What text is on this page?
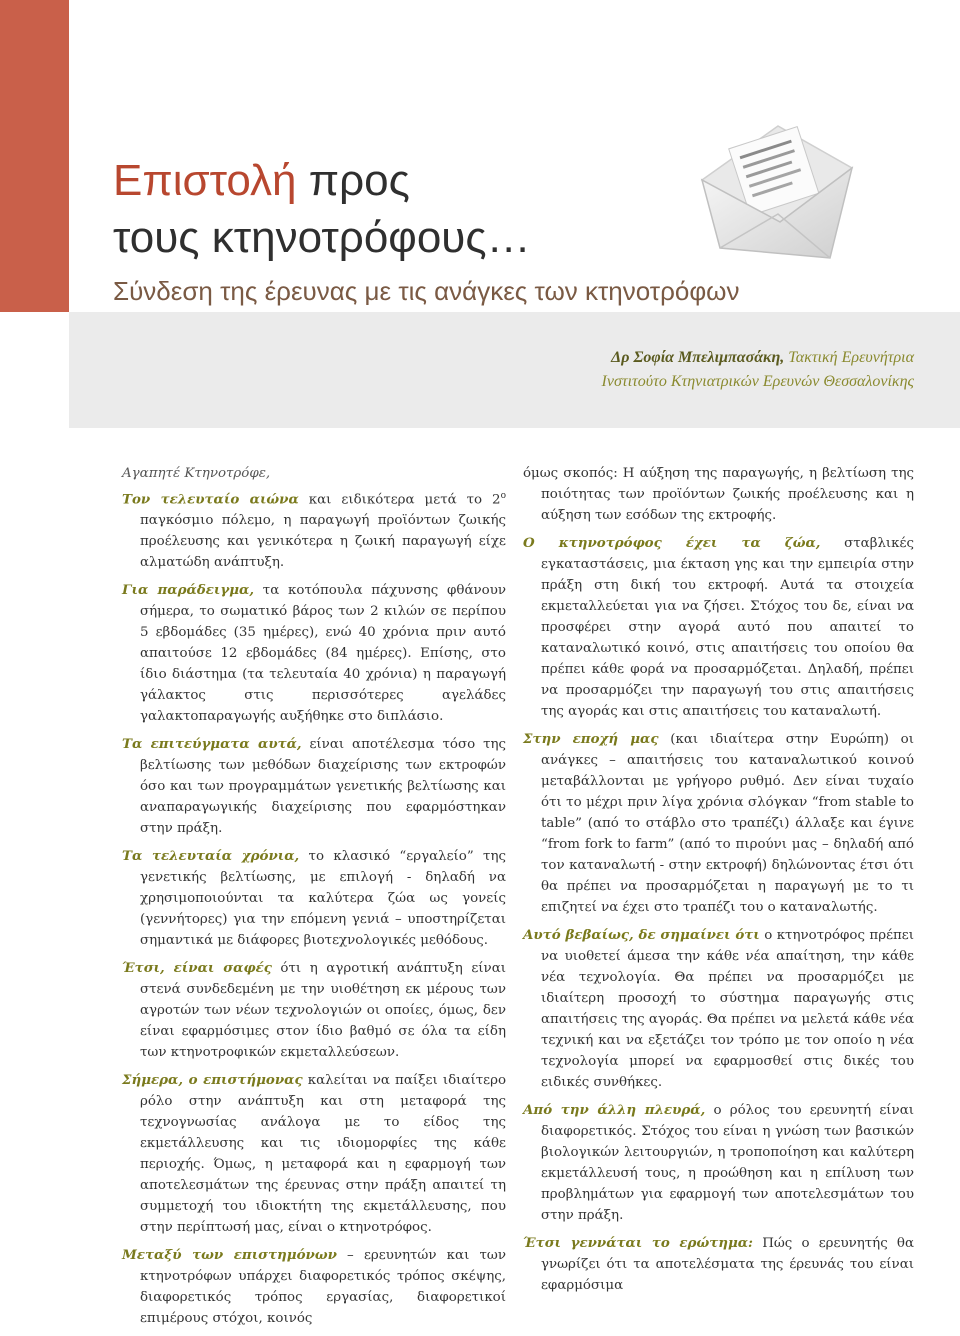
Επιστολή προς
τους κτηνοτρόφους…
Σύνδεση της έρευνας με τις ανάγκες των κτηνοτρόφων
Δρ Σοφία Μπελιμπασάκη, Τακτική Ερευνήτρια
Ινστιτούτο Κτηνιατρικών Ερευνών Θεσσαλονίκης

Αγαπητέ Κτηνοτρόφε,

Τον τελευταίο αιώνα και ειδικότερα μετά το $2^o$ παγκόσμιο πόλεμο, η παραγωγή προϊόντων ζωικής προέλευσης και γενικότερα η ζωική παραγωγή είχε αλματώδη ανάπτυξη.

Για παράδειγμα, τα κοτόπουλα πάχυνσης φθάνουν σήμερα, το σωματικό βάρος των 2 κιλών σε περίπου 5 εβδομάδες (35 ημέρες), ενώ 40 χρόνια πριν αυτό απαιτούσε 12 εβδομάδες (84 ημέρες). Επίσης, στο ίδιο διάστημα (τα τελευταία 40 χρόνια) η παραγωγή γάλακτος στις περισσότερες αγελάδες γαλακτοπαραγωγής αυξήθηκε στο διπλάσιο.

Τα επιτεύγματα αυτά, είναι αποτέλεσμα τόσο της βελτίωσης των μεθόδων διαχείρισης των εκτροφών όσο και των προγραμμάτων γενετικής βελτίωσης και αναπαραγωγικής διαχείρισης που εφαρμόστηκαν στην πράξη.

Τα τελευταία χρόνια, το κλασικό “εργαλείο” της γενετικής βελτίωσης, με επιλογή - δηλαδή να χρησιμοποιούνται τα καλύτερα ζώα ως γονείς (γεννήτορες) για την επόμενη γενιά – υποστηρίζεται σημαντικά με διάφορες βιοτεχνολογικές μεθόδους.

Έτσι, είναι σαφές ότι η αγροτική ανάπτυξη είναι στενά συνδεδεμένη με την υιοθέτηση εκ μέρους των αγροτών των νέων τεχνολογιών οι οποίες, όμως, δεν είναι εφαρμόσιμες στον ίδιο βαθμό σε όλα τα είδη των κτηνοτροφικών εκμεταλλεύσεων.

Σήμερα, ο επιστήμονας καλείται να παίξει ιδιαίτερο ρόλο στην ανάπτυξη και στη μεταφορά της τεχνογνωσίας ανάλογα με το είδος της εκμετάλλευσης και τις ιδιομορφίες της κάθε περιοχής. Όμως, η μεταφορά και η εφαρμογή των αποτελεσμάτων της έρευνας στην πράξη απαιτεί τη συμμετοχή του ιδιοκτήτη της εκμετάλλευσης, που στην περίπτωσή μας, είναι ο κτηνοτρόφος.

Μεταξύ των επιστημόνων – ερευνητών και των κτηνοτρόφων υπάρχει διαφορετικός τρόπος σκέψης, διαφορετικός τρόπος εργασίας, διαφορετικοί επιμέρους στόχοι, κοινός

όμως σκοπός: Η αύξηση της παραγωγής, η βελτίωση της ποιότητας των προϊόντων ζωικής προέλευσης και η αύξηση των εσόδων της εκτροφής.

Ο κτηνοτρόφος έχει τα ζώα, σταβλικές εγκαταστάσεις, μια έκταση γης και την εμπειρία στην πράξη στη δική του εκτροφή. Αυτά τα στοιχεία εκμεταλλεύεται για να ζήσει. Στόχος του δε, είναι να προσφέρει στην αγορά αυτό που απαιτεί το καταναλωτικό κοινό, στις απαιτήσεις του οποίου θα πρέπει κάθε φορά να προσαρμόζεται. Δηλαδή, πρέπει να προσαρμόζει την παραγωγή του στις απαιτήσεις της αγοράς και στις απαιτήσεις του καταναλωτή.

Στην εποχή μας (και ιδιαίτερα στην Ευρώπη) οι ανάγκες – απαιτήσεις του καταναλωτικού κοινού μεταβάλλονται με γρήγορο ρυθμό. Δεν είναι τυχαίο ότι το μέχρι πριν λίγα χρόνια σλόγκαν “from stable to table” (από το στάβλο στο τραπέζι) άλλαξε και έγινε “from fork to farm” (από το πιρούνι μας – δηλαδή από τον καταναλωτή - στην εκτροφή) δηλώνοντας έτσι ότι θα πρέπει να προσαρμόζεται η παραγωγή με το τι επιζητεί να έχει στο τραπέζι του ο καταναλωτής.

Αυτό βεβαίως, δε σημαίνει ότι ο κτηνοτρόφος πρέπει να υιοθετεί άμεσα την κάθε νέα απαίτηση, την κάθε νέα τεχνολογία. Θα πρέπει να προσαρμόζει με ιδιαίτερη προσοχή το σύστημα παραγωγής στις απαιτήσεις της αγοράς. Θα πρέπει να μελετά κάθε νέα τεχνική και να εξετάζει τον τρόπο με τον οποίο η νέα τεχνολογία μπορεί να εφαρμοσθεί στις δικές του ειδικές συνθήκες.

Από την άλλη πλευρά, ο ρόλος του ερευνητή είναι διαφορετικός. Στόχος του είναι η γνώση των βασικών βιολογικών λειτουργιών, η τροποποίηση και καλύτερη εκμετάλλευσή τους, η προώθηση και η επίλυση των προβλημάτων για εφαρμογή των αποτελεσμάτων του στην πράξη.

Έτσι γεννάται το ερώτημα: Πώς ο ερευνητής θα γνωρίζει ότι τα αποτελέσματα της έρευνάς του είναι εφαρμόσιμα
